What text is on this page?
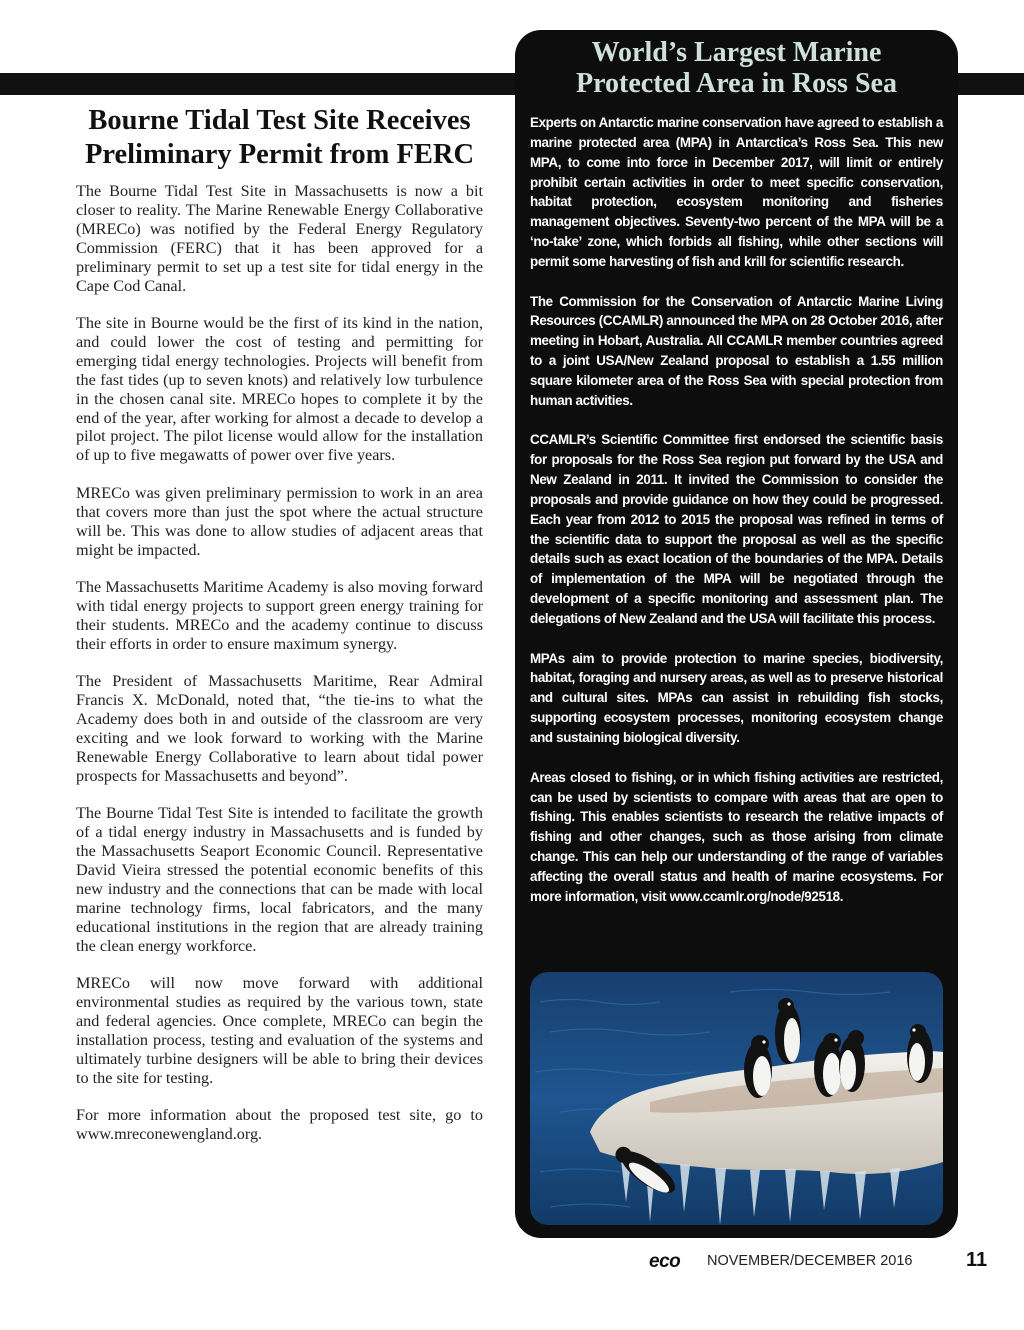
Bourne Tidal Test Site Receives
Preliminary Permit from FERC

The Bourne Tidal Test Site in Massachusetts is now a bit closer to reality. The Marine Renewable Energy Collaborative (MRECo) was notified by the Federal Energy Regulatory Commission (FERC) that it has been approved for a preliminary permit to set up a test site for tidal energy in the Cape Cod Canal.

The site in Bourne would be the first of its kind in the nation, and could lower the cost of testing and permitting for emerging tidal energy technologies. Projects will benefit from the fast tides (up to seven knots) and relatively low turbulence in the chosen canal site. MRECo hopes to complete it by the end of the year, after working for almost a decade to develop a pilot project. The pilot license would allow for the installation of up to five megawatts of power over five years.

MRECo was given preliminary permission to work in an area that covers more than just the spot where the actual structure will be. This was done to allow studies of adjacent areas that might be impacted.

The Massachusetts Maritime Academy is also moving forward with tidal energy projects to support green energy training for their students. MRECo and the academy continue to discuss their efforts in order to ensure maximum synergy.

The President of Massachusetts Maritime, Rear Admiral Francis X. McDonald, noted that, “the tie-ins to what the Academy does both in and outside of the classroom are very exciting and we look forward to working with the Marine Renewable Energy Collaborative to learn about tidal power prospects for Massachusetts and beyond”.

The Bourne Tidal Test Site is intended to facilitate the growth of a tidal energy industry in Massachusetts and is funded by the Massachusetts Seaport Economic Council. Representative David Vieira stressed the potential economic benefits of this new industry and the connections that can be made with local marine technology firms, local fabricators, and the many educational institutions in the region that are already training the clean energy workforce.

MRECo will now move forward with additional environmental studies as required by the various town, state and federal agencies. Once complete, MRECo can begin the installation process, testing and evaluation of the systems and ultimately turbine designers will be able to bring their devices to the site for testing.

For more information about the proposed test site, go to www.mreconewengland.org.

World’s Largest Marine
Protected Area in Ross Sea

Experts on Antarctic marine conservation have agreed to establish a marine protected area (MPA) in Antarctica’s Ross Sea. This new MPA, to come into force in December 2017, will limit or entirely prohibit certain activities in order to meet specific conservation, habitat protection, ecosystem monitoring and fisheries management objectives. Seventy-two percent of the MPA will be a ‘no-take’ zone, which forbids all fishing, while other sections will permit some harvesting of fish and krill for scientific research.

The Commission for the Conservation of Antarctic Marine Living Resources (CCAMLR) announced the MPA on 28 October 2016, after meeting in Hobart, Australia. All CCAMLR member countries agreed to a joint USA/New Zealand proposal to establish a 1.55 million square kilometer area of the Ross Sea with special protection from human activities.

CCAMLR’s Scientific Committee first endorsed the scientific basis for proposals for the Ross Sea region put forward by the USA and New Zealand in 2011. It invited the Commission to consider the proposals and provide guidance on how they could be progressed. Each year from 2012 to 2015 the proposal was refined in terms of the scientific data to support the proposal as well as the specific details such as exact location of the boundaries of the MPA. Details of implementation of the MPA will be negotiated through the development of a specific monitoring and assessment plan. The delegations of New Zealand and the USA will facilitate this process.

MPAs aim to provide protection to marine species, biodiversity, habitat, foraging and nursery areas, as well as to preserve historical and cultural sites. MPAs can assist in rebuilding fish stocks, supporting ecosystem processes, monitoring ecosystem change and sustaining biological diversity.

Areas closed to fishing, or in which fishing activities are restricted, can be used by scientists to compare with areas that are open to fishing. This enables scientists to research the relative impacts of fishing and other changes, such as those arising from climate change. This can help our understanding of the range of variables affecting the overall status and health of marine ecosystems. For more information, visit www.ccamlr.org/node/92518.

eco NOVEMBER/DECEMBER 2016	11
